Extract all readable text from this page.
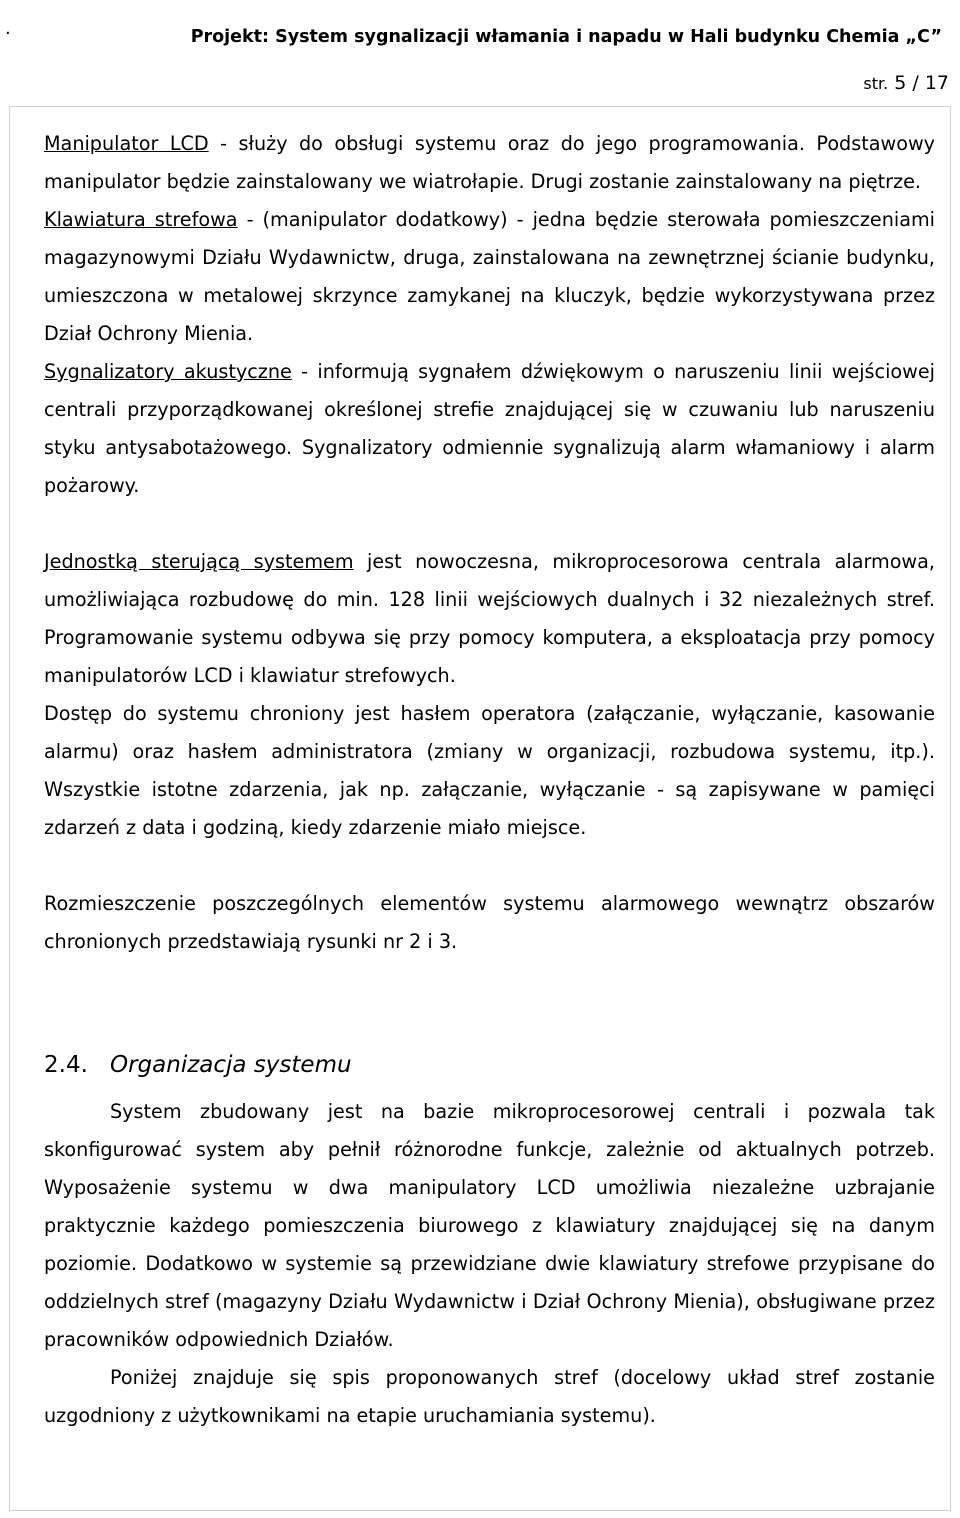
.	Projekt: System sygnalizacji włamania i napadu w Hali budynku Chemia „C”
str. 5 / 17

Manipulator LCD - służy do obsługi systemu oraz do jego programowania. Podstawowy manipulator będzie zainstalowany we wiatrołapie. Drugi zostanie zainstalowany na piętrze.

Klawiatura strefowa - (manipulator dodatkowy) - jedna będzie sterowała pomieszczeniami magazynowymi Działu Wydawnictw, druga, zainstalowana na zewnętrznej ścianie budynku, umieszczona w metalowej skrzynce zamykanej na kluczyk, będzie wykorzystywana przez Dział Ochrony Mienia.

Sygnalizatory akustyczne - informują sygnałem dźwiękowym o naruszeniu linii wejściowej centrali przyporządkowanej określonej strefie znajdującej się w czuwaniu lub naruszeniu styku antysabotażowego. Sygnalizatory odmiennie sygnalizują alarm włamaniowy i alarm pożarowy.

Jednostką sterującą systemem jest nowoczesna, mikroprocesorowa centrala alarmowa, umożliwiająca rozbudowę do min. 128 linii wejściowych dualnych i 32 niezależnych stref. Programowanie systemu odbywa się przy pomocy komputera, a eksploatacja przy pomocy manipulatorów LCD i klawiatur strefowych.

Dostęp do systemu chroniony jest hasłem operatora (załączanie, wyłączanie, kasowanie alarmu) oraz hasłem administratora (zmiany w organizacji, rozbudowa systemu, itp.). Wszystkie istotne zdarzenia, jak np. załączanie, wyłączanie - są zapisywane w pamięci zdarzeń z data i godziną, kiedy zdarzenie miało miejsce.

Rozmieszczenie poszczególnych elementów systemu alarmowego wewnątrz obszarów chronionych przedstawiają rysunki nr 2 i 3.

2.4. Organizacja systemu

System zbudowany jest na bazie mikroprocesorowej centrali i pozwala tak skonfigurować system aby pełnił różnorodne funkcje, zależnie od aktualnych potrzeb. Wyposażenie systemu w dwa manipulatory LCD umożliwia niezależne uzbrajanie praktycznie każdego pomieszczenia biurowego z klawiatury znajdującej się na danym poziomie. Dodatkowo w systemie są przewidziane dwie klawiatury strefowe przypisane do oddzielnych stref (magazyny Działu Wydawnictw i Dział Ochrony Mienia), obsługiwane przez pracowników odpowiednich Działów.

Poniżej znajduje się spis proponowanych stref (docelowy układ stref zostanie uzgodniony z użytkownikami na etapie uruchamiania systemu).
